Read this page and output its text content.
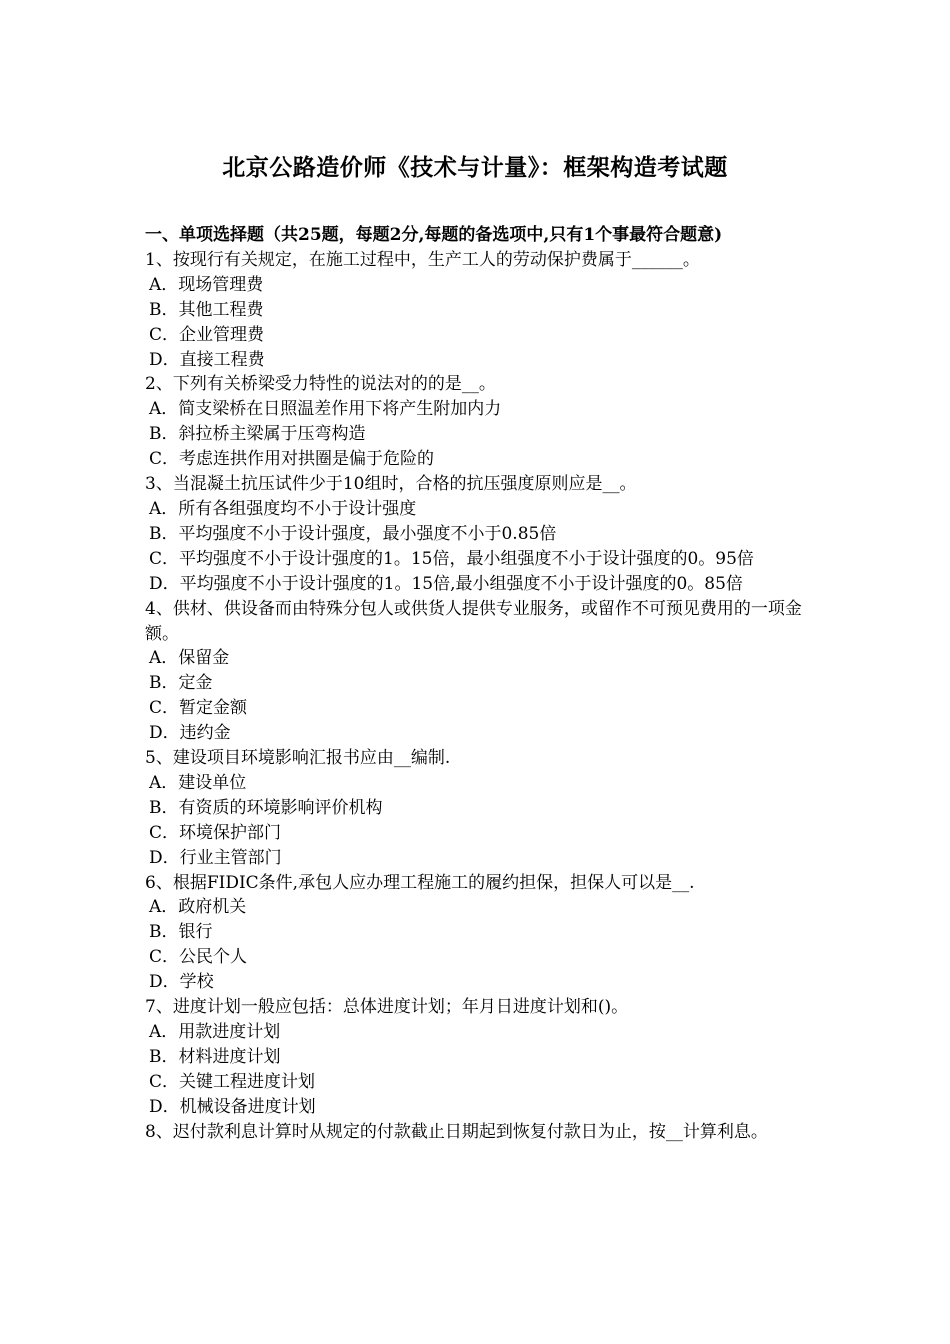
北京公路造价师《技术与计量》：框架构造考试题
一、单项选择题（共25题，每题2分,每题的备选项中,只有1个事最符合题意)

1、按现行有关规定，在施工过程中，生产工人的劳动保护费属于______。

A．现场管理费

B．其他工程费

C．企业管理费

D．直接工程费

2、下列有关桥梁受力特性的说法对的的是__。

A．简支梁桥在日照温差作用下将产生附加内力

B．斜拉桥主梁属于压弯构造

C．考虑连拱作用对拱圈是偏于危险的

3、当混凝土抗压试件少于10组时，合格的抗压强度原则应是__。

A．所有各组强度均不小于设计强度

B．平均强度不小于设计强度，最小强度不小于0.85倍

C．平均强度不小于设计强度的1。15倍，最小组强度不小于设计强度的0。95倍

D．平均强度不小于设计强度的1。15倍,最小组强度不小于设计强度的0。85倍

4、供材、供设备而由特殊分包人或供货人提供专业服务，或留作不可预见费用的一项金额。

A．保留金

B．定金

C．暂定金额

D．违约金

5、建设项目环境影响汇报书应由__编制.

A．建设单位

B．有资质的环境影响评价机构

C．环境保护部门

D．行业主管部门

6、根据FIDIC条件,承包人应办理工程施工的履约担保，担保人可以是__.

A．政府机关

B．银行

C．公民个人

D．学校

7、进度计划一般应包括：总体进度计划；年月日进度计划和()。

A．用款进度计划

B．材料进度计划

C．关键工程进度计划

D．机械设备进度计划

8、迟付款利息计算时从规定的付款截止日期起到恢复付款日为止，按__计算利息。
